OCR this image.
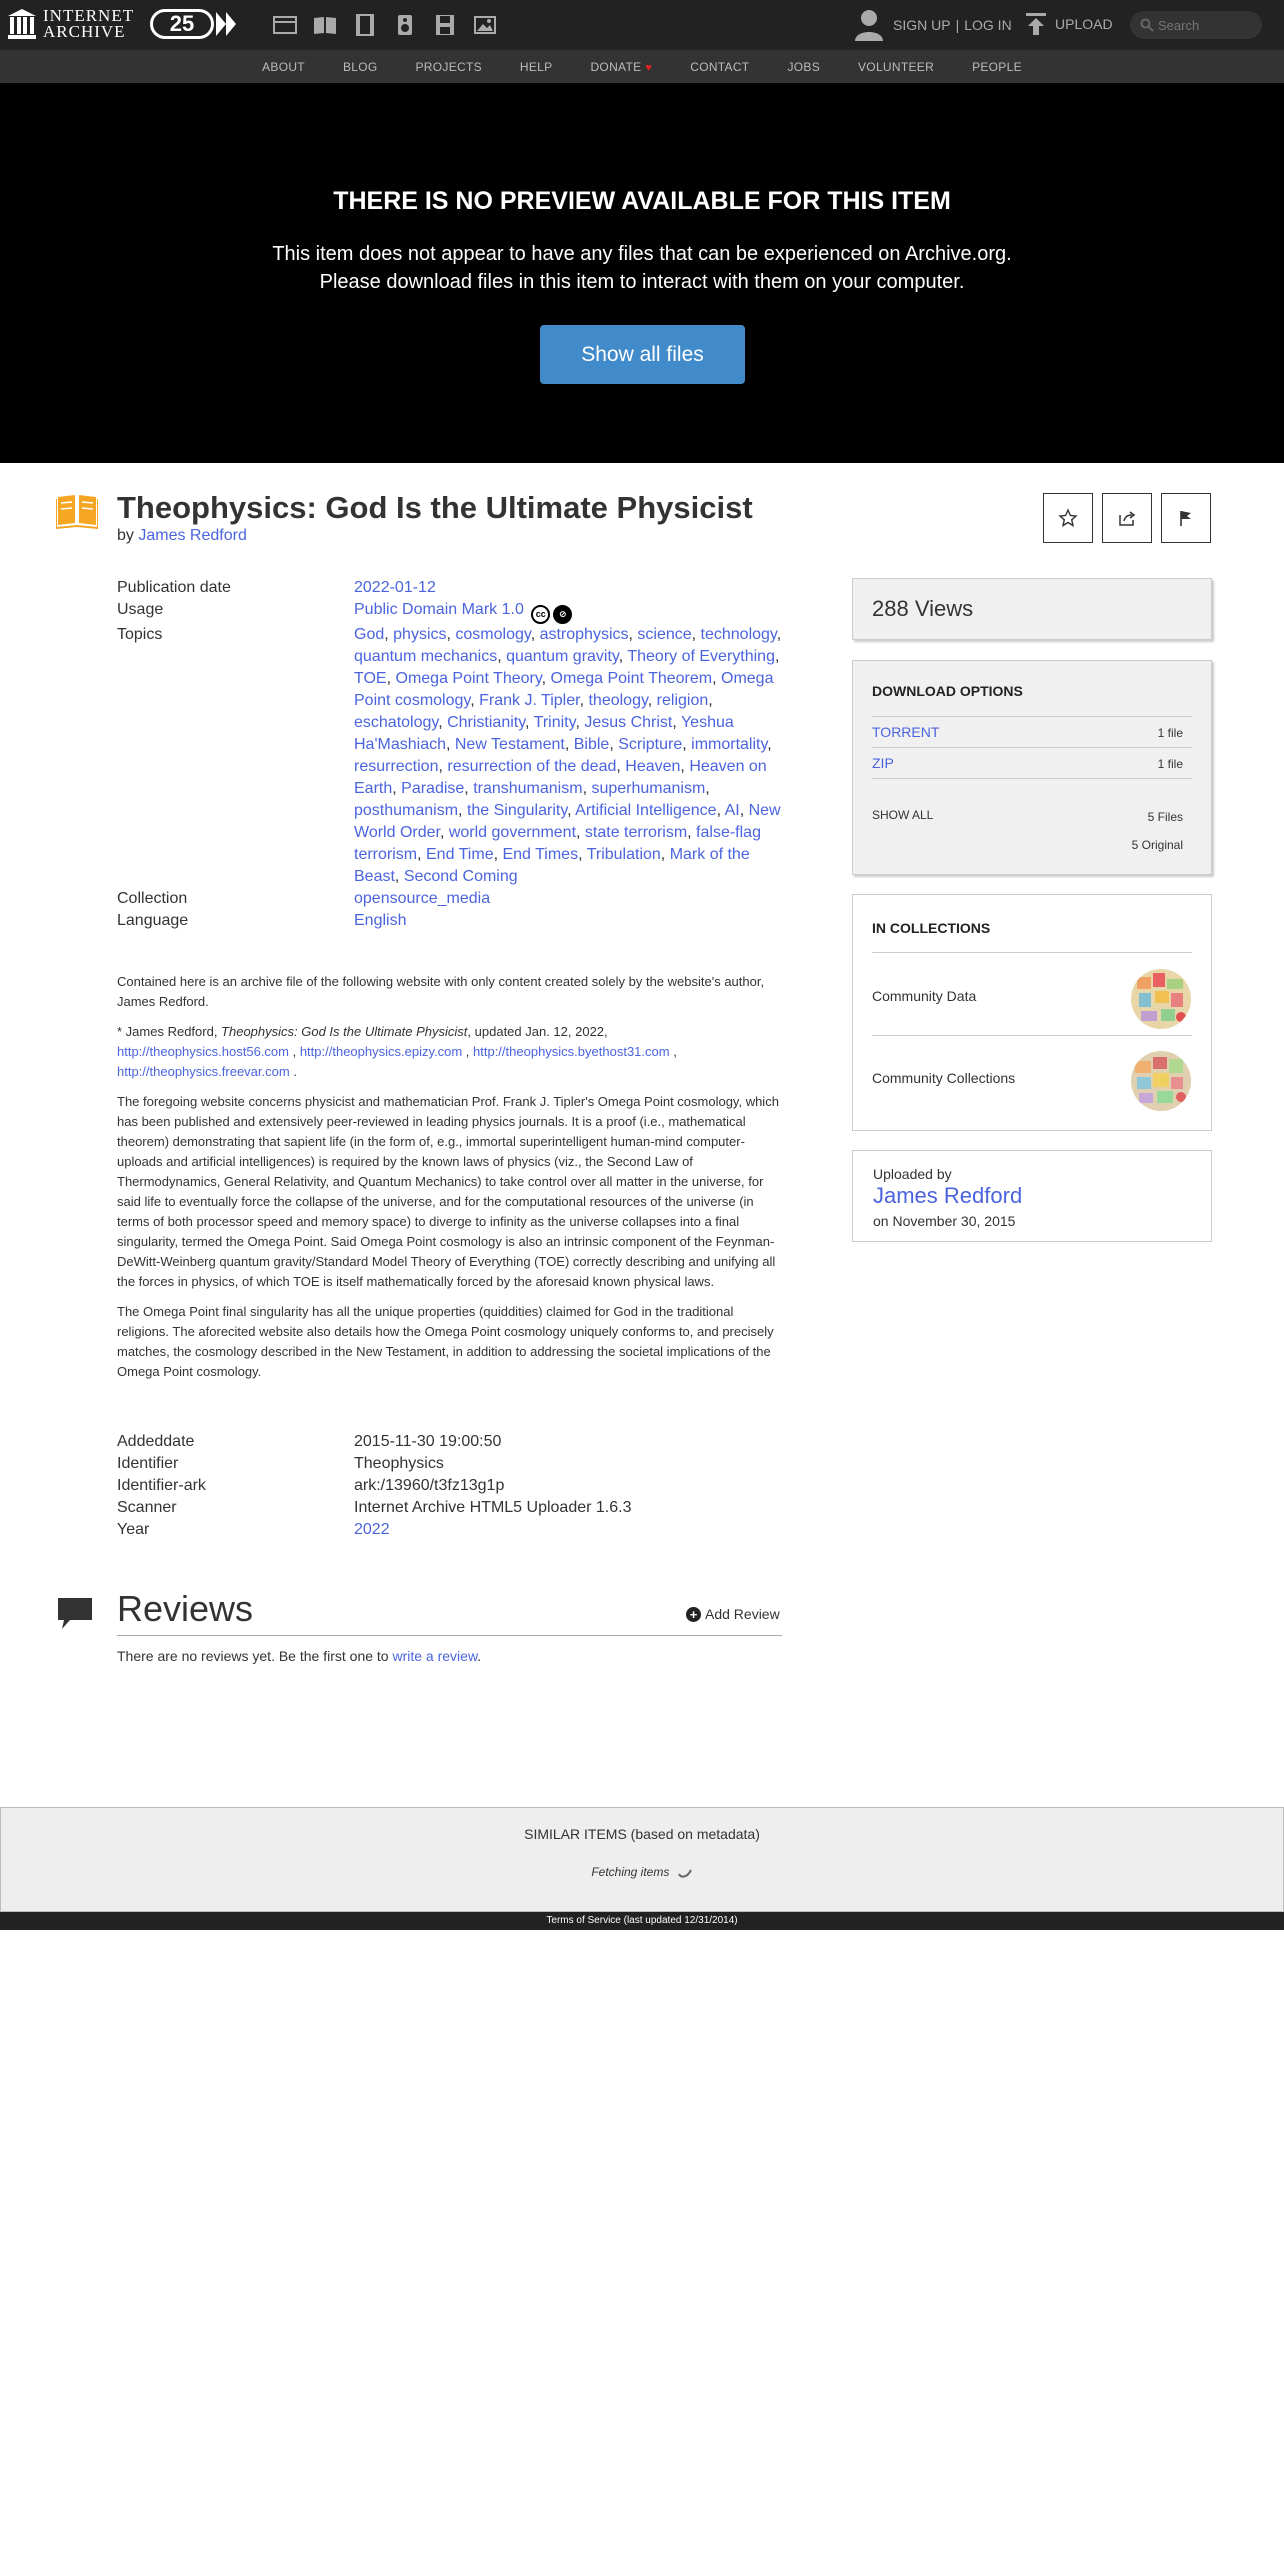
INTERNET
ARCHIVE	25	SIGN UP | LOG IN	UPLOAD
Search
ABOUT	BLOG	PROJECTS	HELP	DONATE ♥	CONTACT	JOBS	VOLUNTEER	PEOPLE
THERE IS NO PREVIEW AVAILABLE FOR THIS ITEM
This item does not appear to have any files that can be experienced on Archive.org.
Please download files in this item to interact with them on your computer.
Show all files
Theophysics: God Is the Ultimate Physicist
by James Redford
Publication date	2022-01-12
Usage	Public Domain Mark 1.0 cc ⊘
Topics	God, physics, cosmology, astrophysics, science, technology, quantum mechanics, quantum gravity, Theory of Everything, TOE, Omega Point Theory, Omega Point Theorem, Omega Point cosmology, Frank J. Tipler, theology, religion, eschatology, Christianity, Trinity, Jesus Christ, Yeshua Ha'Mashiach, New Testament, Bible, Scripture, immortality, resurrection, resurrection of the dead, Heaven, Heaven on Earth, Paradise, transhumanism, superhumanism, posthumanism, the Singularity, Artificial Intelligence, AI, New World Order, world government, state terrorism, false-flag terrorism, End Time, End Times, Tribulation, Mark of the Beast, Second Coming
Collection	opensource_media
Language	English

Contained here is an archive file of the following website with only content created solely by the website's author, James Redford.

* James Redford, Theophysics: God Is the Ultimate Physicist, updated Jan. 12, 2022, http://theophysics.host56.com , http://theophysics.epizy.com , http://theophysics.byethost31.com , http://theophysics.freevar.com .

The foregoing website concerns physicist and mathematician Prof. Frank J. Tipler's Omega Point cosmology, which has been published and extensively peer-reviewed in leading physics journals. It is a proof (i.e., mathematical theorem) demonstrating that sapient life (in the form of, e.g., immortal superintelligent human-mind computer-uploads and artificial intelligences) is required by the known laws of physics (viz., the Second Law of Thermodynamics, General Relativity, and Quantum Mechanics) to take control over all matter in the universe, for said life to eventually force the collapse of the universe, and for the computational resources of the universe (in terms of both processor speed and memory space) to diverge to infinity as the universe collapses into a final singularity, termed the Omega Point. Said Omega Point cosmology is also an intrinsic component of the Feynman-DeWitt-Weinberg quantum gravity/Standard Model Theory of Everything (TOE) correctly describing and unifying all the forces in physics, of which TOE is itself mathematically forced by the aforesaid known physical laws.

The Omega Point final singularity has all the unique properties (quiddities) claimed for God in the traditional religions. The aforecited website also details how the Omega Point cosmology uniquely conforms to, and precisely matches, the cosmology described in the New Testament, in addition to addressing the societal implications of the Omega Point cosmology.

Addeddate	2015-11-30 19:00:50
Identifier	Theophysics
Identifier-ark	ark:/13960/t3fz13g1p
Scanner	Internet Archive HTML5 Uploader 1.6.3
Year	2022
Reviews	+ Add Review
There are no reviews yet. Be the first one to write a review.
288 Views
DOWNLOAD OPTIONS
TORRENT	1 file
ZIP	1 file
SHOW ALL	5 Files
5 Original
IN COLLECTIONS
Community Data
Community Collections
Uploaded by
James Redford
on November 30, 2015
SIMILAR ITEMS (based on metadata)
Fetching items
Terms of Service (last updated 12/31/2014)
